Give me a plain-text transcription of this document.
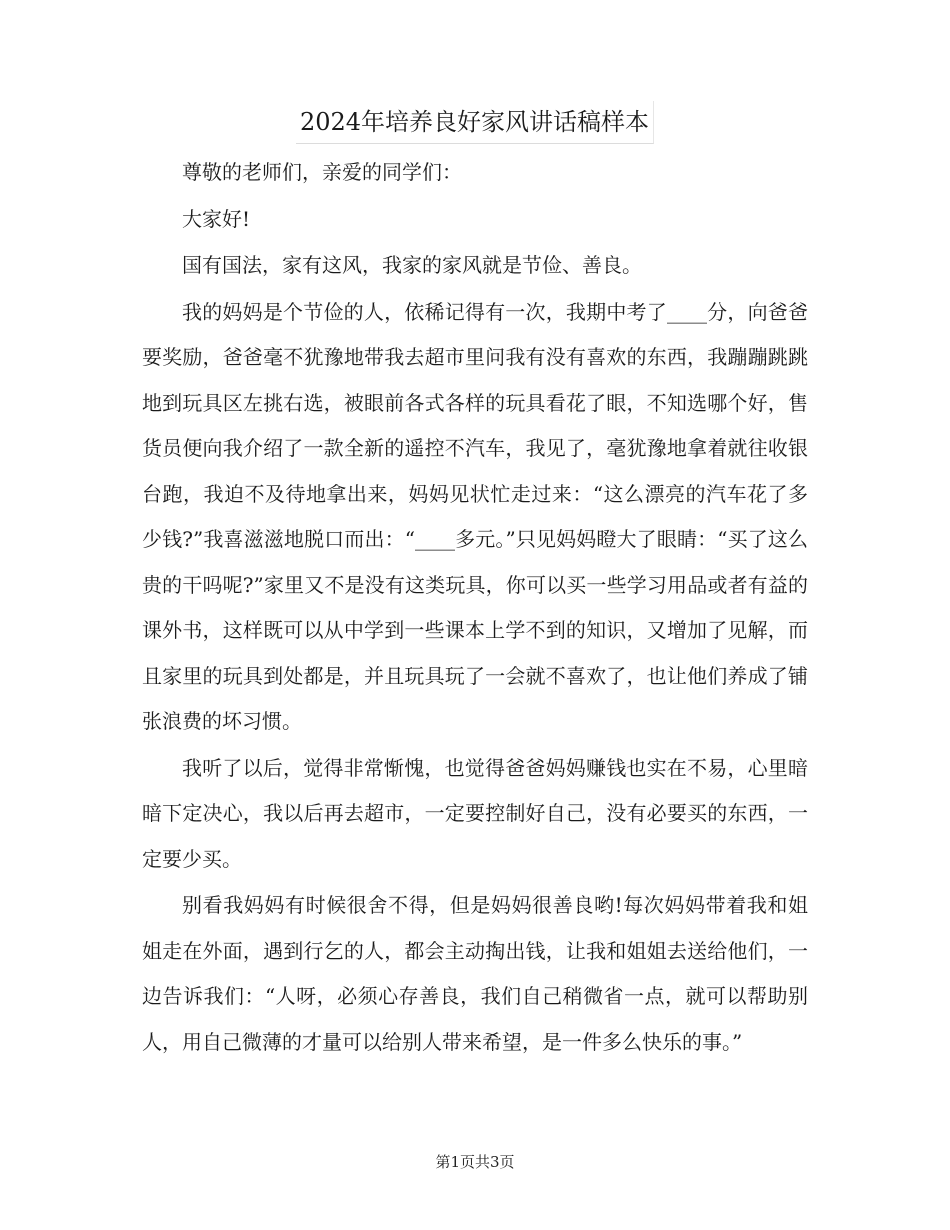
2024年培养良好家风讲话稿样本

尊敬的老师们，亲爱的同学们：

大家好!

国有国法，家有这风，我家的家风就是节俭、善良。

我的妈妈是个节俭的人，依稀记得有一次，我期中考了____分，向爸爸要奖励，爸爸毫不犹豫地带我去超市里问我有没有喜欢的东西，我蹦蹦跳跳地到玩具区左挑右选，被眼前各式各样的玩具看花了眼，不知选哪个好，售货员便向我介绍了一款全新的遥控不汽车，我见了，毫犹豫地拿着就往收银台跑，我迫不及待地拿出来，妈妈见状忙走过来：“这么漂亮的汽车花了多少钱?”我喜滋滋地脱口而出：“____多元。”只见妈妈瞪大了眼睛：“买了这么贵的干吗呢?”家里又不是没有这类玩具，你可以买一些学习用品或者有益的课外书，这样既可以从中学到一些课本上学不到的知识，又增加了见解，而且家里的玩具到处都是，并且玩具玩了一会就不喜欢了，也让他们养成了铺张浪费的坏习惯。

我听了以后，觉得非常惭愧，也觉得爸爸妈妈赚钱也实在不易，心里暗暗下定决心，我以后再去超市，一定要控制好自己，没有必要买的东西，一定要少买。

别看我妈妈有时候很舍不得，但是妈妈很善良哟!每次妈妈带着我和姐姐走在外面，遇到行乞的人，都会主动掏出钱，让我和姐姐去送给他们，一边告诉我们：“人呀，必须心存善良，我们自己稍微省一点，就可以帮助别人，用自己微薄的才量可以给别人带来希望，是一件多么快乐的事。”

第1页共3页
